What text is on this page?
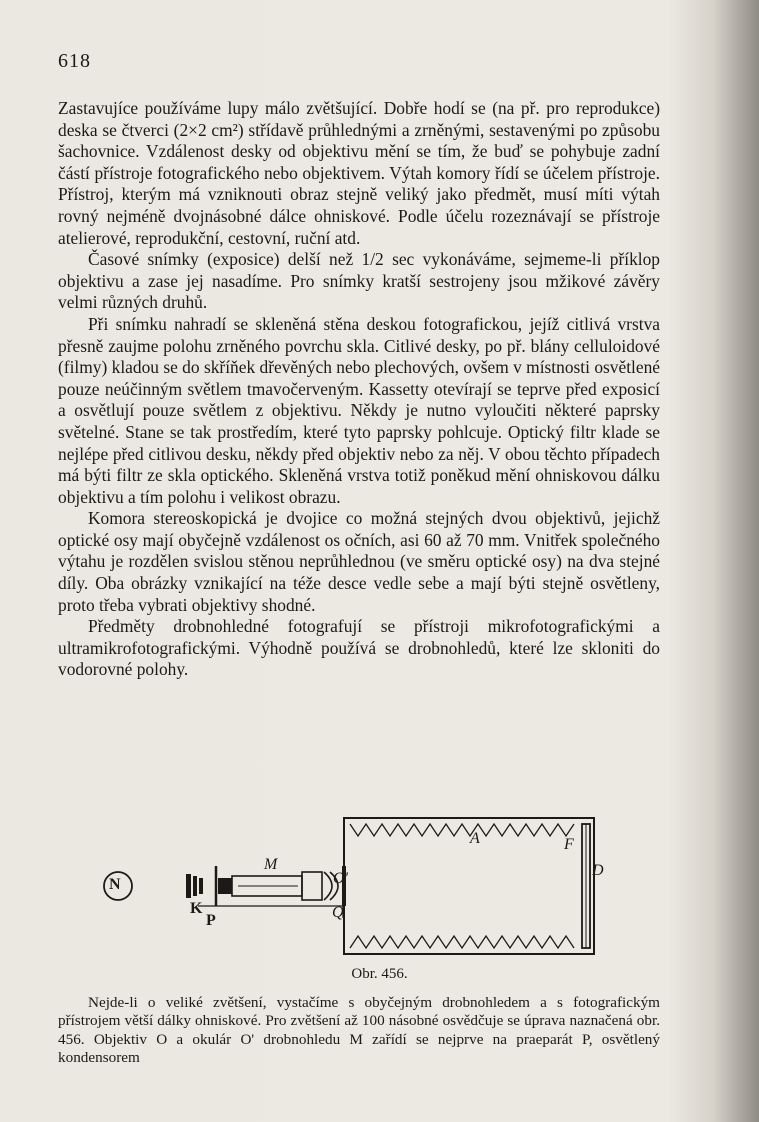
618

Zastavujíce používáme lupy málo zvětšující. Dobře hodí se (na př. pro reprodukce) deska se čtverci (2×2 cm²) střídavě průhlednými a zrněnými, sestavenými po způsobu šachovnice. Vzdálenost desky od objektivu mění se tím, že buď se pohybuje zadní částí přístroje fotografického nebo objektivem. Výtah komory řídí se účelem přístroje. Přístroj, kterým má vzniknouti obraz stejně veliký jako předmět, musí míti výtah rovný nejméně dvojnásobné dálce ohniskové. Podle účelu rozeznávají se přístroje atelierové, reprodukční, cestovní, ruční atd.

Časové snímky (exposice) delší než 1/2 sec vykonáváme, sejmeme-li příklop objektivu a zase jej nasadíme. Pro snímky kratší sestrojeny jsou mžikové závěry velmi různých druhů.

Při snímku nahradí se skleněná stěna deskou fotografickou, jejíž citlivá vrstva přesně zaujme polohu zrněného povrchu skla. Citlivé desky, po př. blány celluloidové (filmy) kladou se do skříňek dřevěných nebo plechových, ovšem v místnosti osvětlené pouze neúčinným světlem tmavočerveným. Kassetty otevírají se teprve před exposicí a osvětlují pouze světlem z objektivu. Někdy je nutno vyloučiti některé paprsky světelné. Stane se tak prostředím, které tyto paprsky pohlcuje. Optický filtr klade se nejlépe před citlivou desku, někdy před objektiv nebo za něj. V obou těchto případech má býti filtr ze skla optického. Skleněná vrstva totiž poněkud mění ohniskovou dálku objektivu a tím polohu i velikost obrazu.

Komora stereoskopická je dvojice co možná stejných dvou objektivů, jejichž optické osy mají obyčejně vzdálenost os očních, asi 60 až 70 mm. Vnitřek společného výtahu je rozdělen svislou stěnou neprůhlednou (ve směru optické osy) na dva stejné díly. Oba obrázky vznikající na téže desce vedle sebe a mají býti stejně osvětleny, proto třeba vybrati objektivy shodné.

Předměty drobnohledné fotografují se přístroji mikrofotografickými a ultramikrofotografickými. Výhodně používá se drobnohledů, které lze skloniti do vodorovné polohy.

N
K
P
M
O'
Q
A	F
D
Obr. 456.

Nejde-li o veliké zvětšení, vystačíme s obyčejným drobnohledem a s fotografickým přístrojem větší dálky ohniskové. Pro zvětšení až 100 násobné osvědčuje se úprava naznačená obr. 456. Objektiv O a okulár O' drobnohledu M zařídí se nejprve na praeparát P, osvětlený kondensorem
